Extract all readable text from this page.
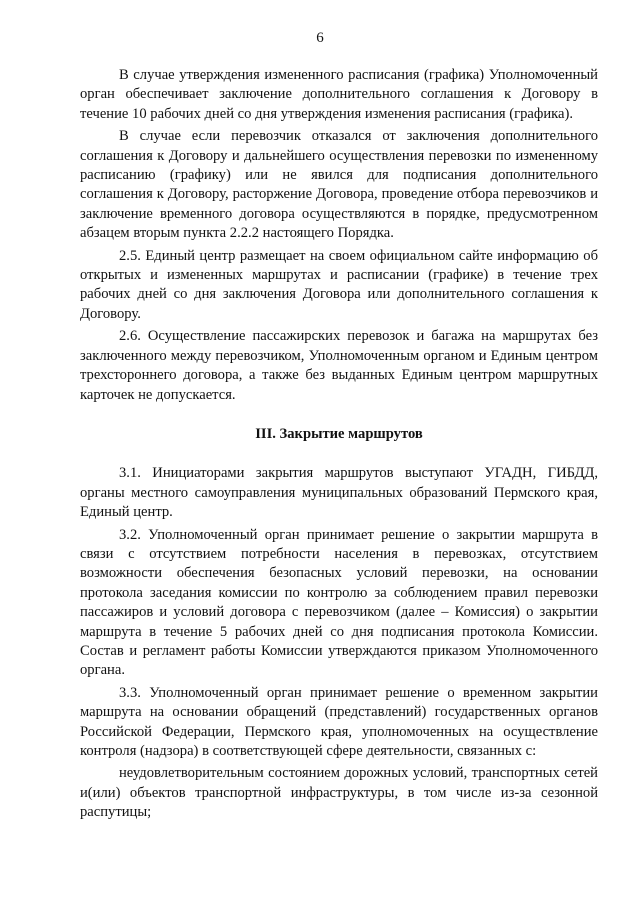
6

В случае утверждения измененного расписания (графика) Уполномоченный орган обеспечивает заключение дополнительного соглашения к Договору в течение 10 рабочих дней со дня утверждения изменения расписания (графика).

В случае если перевозчик отказался от заключения дополнительного соглашения к Договору и дальнейшего осуществления перевозки по измененному расписанию (графику) или не явился для подписания дополнительного соглашения к Договору, расторжение Договора, проведение отбора перевозчиков и заключение временного договора осуществляются в порядке, предусмотренном абзацем вторым пункта 2.2.2 настоящего Порядка.

2.5. Единый центр размещает на своем официальном сайте информацию об открытых и измененных маршрутах и расписании (графике) в течение трех рабочих дней со дня заключения Договора или дополнительного соглашения к Договору.

2.6. Осуществление пассажирских перевозок и багажа на маршрутах без заключенного между перевозчиком, Уполномоченным органом и Единым центром трехстороннего договора, а также без выданных Единым центром маршрутных карточек не допускается.

III. Закрытие маршрутов

3.1. Инициаторами закрытия маршрутов выступают УГАДН, ГИБДД, органы местного самоуправления муниципальных образований Пермского края, Единый центр.

3.2. Уполномоченный орган принимает решение о закрытии маршрута в связи с отсутствием потребности населения в перевозках, отсутствием возможности обеспечения безопасных условий перевозки, на основании протокола заседания комиссии по контролю за соблюдением правил перевозки пассажиров и условий договора с перевозчиком (далее – Комиссия) о закрытии маршрута в течение 5 рабочих дней со дня подписания протокола Комиссии. Состав и регламент работы Комиссии утверждаются приказом Уполномоченного органа.

3.3. Уполномоченный орган принимает решение о временном закрытии маршрута на основании обращений (представлений) государственных органов Российской Федерации, Пермского края, уполномоченных на осуществление контроля (надзора) в соответствующей сфере деятельности, связанных с:

неудовлетворительным состоянием дорожных условий, транспортных сетей и(или) объектов транспортной инфраструктуры, в том числе из-за сезонной распутицы;
